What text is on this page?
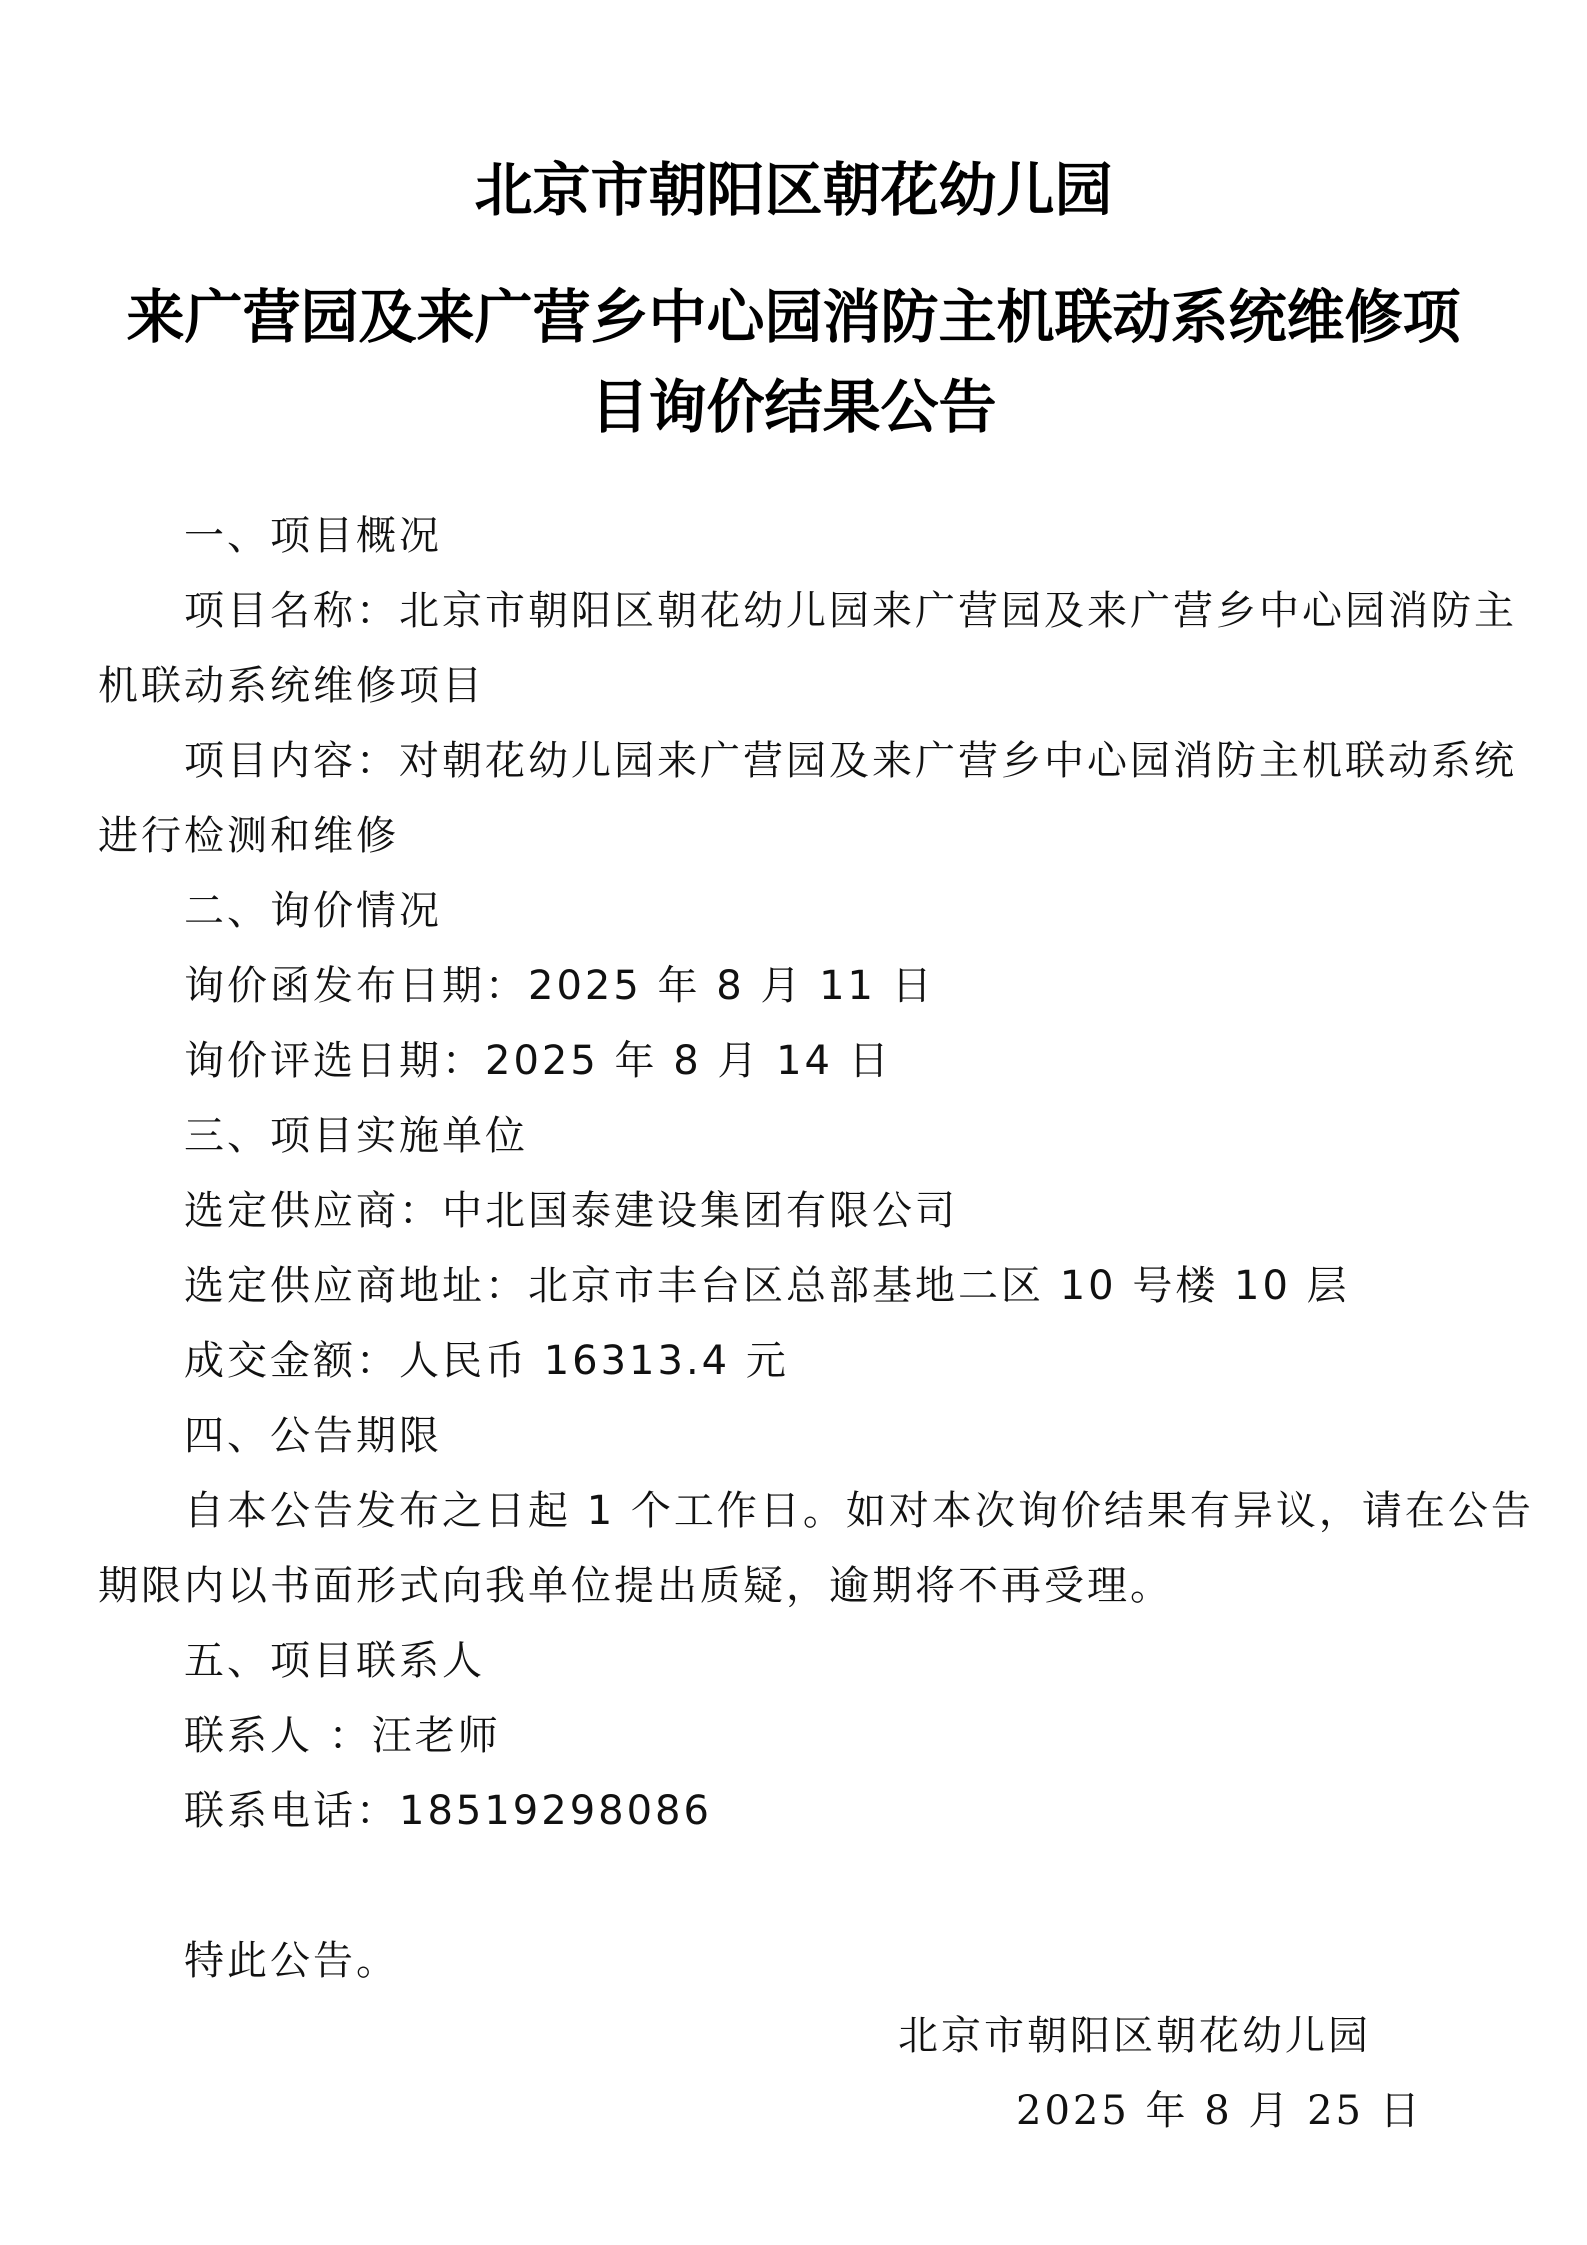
北京市朝阳区朝花幼儿园
来广营园及来广营乡中心园消防主机联动系统维修项
目询价结果公告
一、项目概况
项目名称：北京市朝阳区朝花幼儿园来广营园及来广营乡中心园消防主
机联动系统维修项目
项目内容：对朝花幼儿园来广营园及来广营乡中心园消防主机联动系统
进行检测和维修
二、询价情况
询价函发布日期：2025 年 8 月 11 日
询价评选日期：2025 年 8 月 14 日
三、项目实施单位
选定供应商：中北国泰建设集团有限公司
选定供应商地址：北京市丰台区总部基地二区 10 号楼 10 层
成交金额：人民币 16313.4 元
四、公告期限
自本公告发布之日起 1 个工作日。如对本次询价结果有异议，请在公告
期限内以书面形式向我单位提出质疑，逾期将不再受理。
五、项目联系人
联系人 ：汪老师
联系电话：18519298086
特此公告。
北京市朝阳区朝花幼儿园
2025 年 8 月 25 日
